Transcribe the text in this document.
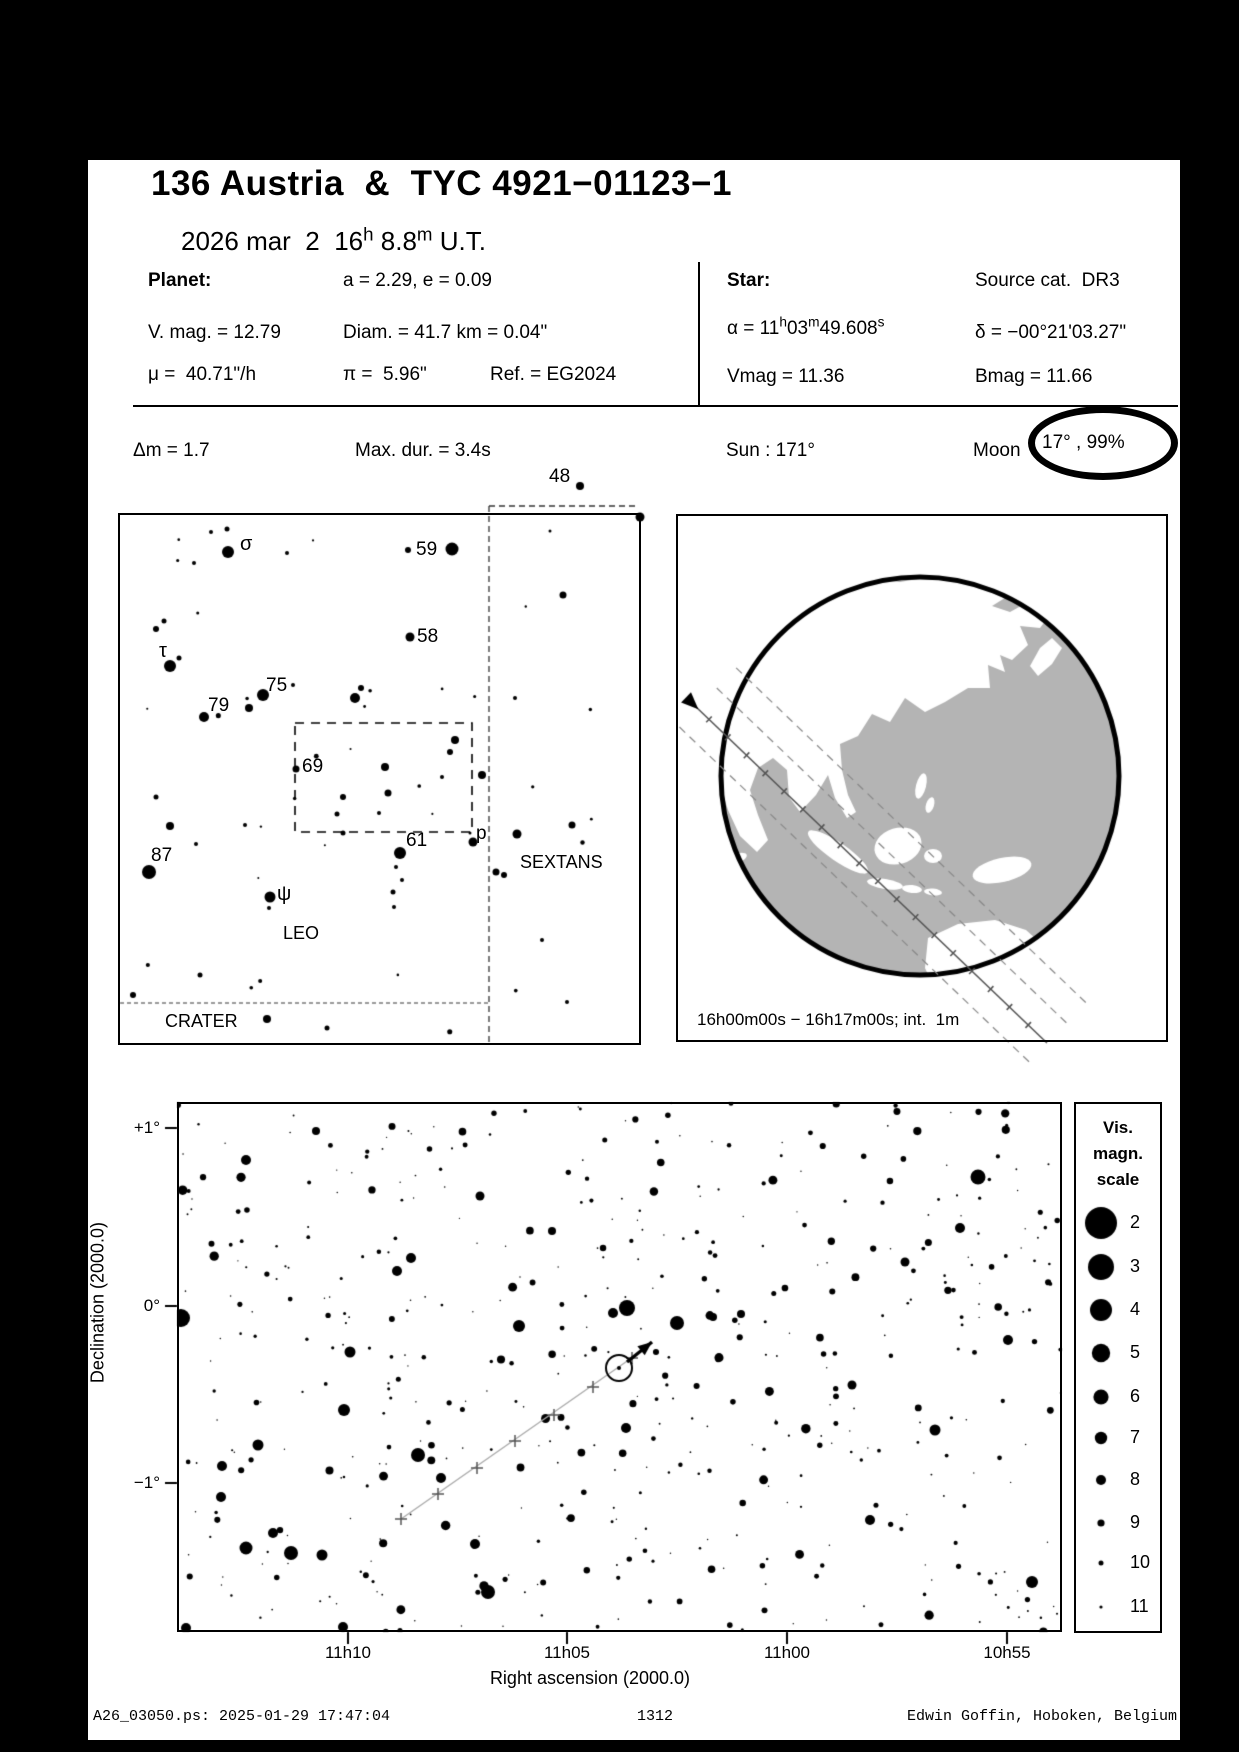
136 Austria  &  TYC 4921−01123−1
2026 mar  2  16$^h$ 8.8$^m$ U.T.
Planet:	a = 2.29, e = 0.09
V. mag. = 12.79	Diam. = 41.7 km = 0.04"
μ =  40.71"/h	π =  5.96"	Ref. = EG2024
Star:	Source cat.  DR3
$\alpha = 11^h03^m49.608^s$	δ = −00°21'03.27"
Vmag = 11.36	Bmag = 11.66
Δm = 1.7	Max. dur. = 3.4s	Sun : 171°	Moon 17° , 99%
16h00m00s − 16h17m00s; int.  1m
Right ascension (2000.0)
Declination (2000.0)
A26_03050.ps: 2025-01-29 17:47:04	1312	Edwin Goffin, Hoboken, Belgium
48
59
58
σ
τ
75
79
69
61	p
87
ψ
LEO
SEXTANS
CRATER
11h10	11h05	11h00	10h55
+1°
0°
−1°
Vis.
magn.
scale
2
3
4
5
6
7
8
9
10
11
